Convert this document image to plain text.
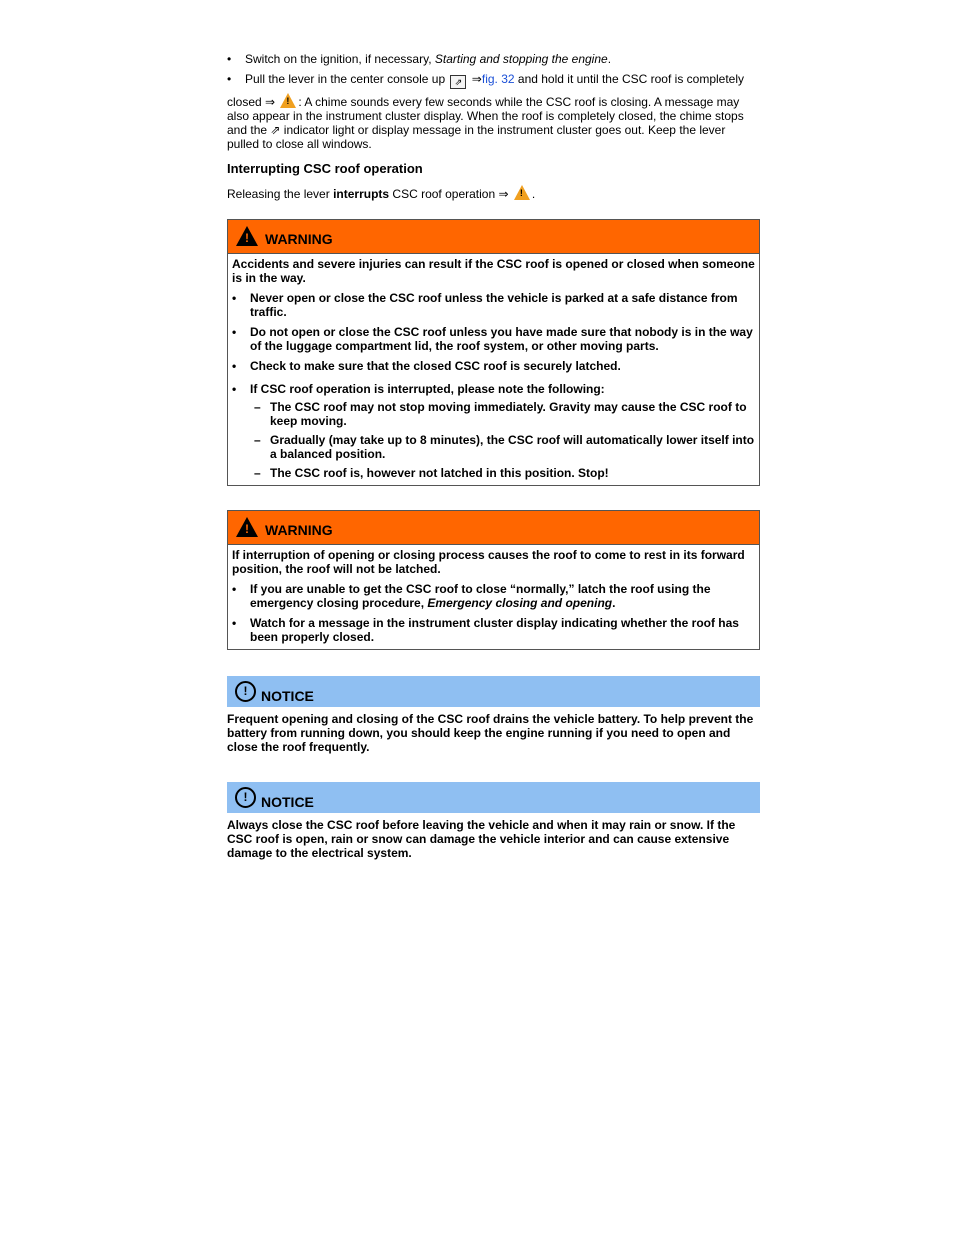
• Switch on the ignition, if necessary, Starting and stopping the engine.
• Pull the lever in the center console up ⇗ ⇒fig. 32 and hold it until the CSC roof is completely
closed ⇒ ! : A chime sounds every few seconds while the CSC roof is closing. A message may also appear in the instrument cluster display. When the roof is completely closed, the chime stops and the ⇗ indicator light or display message in the instrument cluster goes out. Keep the lever pulled to close all windows.
Interrupting CSC roof operation

Releasing the lever interrupts CSC roof operation ⇒ ! .

! WARNING

Accidents and severe injuries can result if the CSC roof is opened or closed when someone is in the way.

• Never open or close the CSC roof unless the vehicle is parked at a safe distance from traffic.
• Do not open or close the CSC roof unless you have made sure that nobody is in the way of the luggage compartment lid, the roof system, or other moving parts.
• Check to make sure that the closed CSC roof is securely latched.
• If CSC roof operation is interrupted, please note the following:
– The CSC roof may not stop moving immediately. Gravity may cause the CSC roof to keep moving.
– Gradually (may take up to 8 minutes), the CSC roof will automatically lower itself into a balanced position.
– The CSC roof is, however not latched in this position. Stop!
! WARNING

If interruption of opening or closing process causes the roof to come to rest in its forward position, the roof will not be latched.

• If you are unable to get the CSC roof to close “normally,” latch the roof using the emergency closing procedure, Emergency closing and opening.
• Watch for a message in the instrument cluster display indicating whether the roof has been properly closed.
! NOTICE
Frequent opening and closing of the CSC roof drains the vehicle battery. To help prevent the battery from running down, you should keep the engine running if you need to open and close the roof frequently.
! NOTICE
Always close the CSC roof before leaving the vehicle and when it may rain or snow. If the CSC roof is open, rain or snow can damage the vehicle interior and can cause extensive damage to the electrical system.
